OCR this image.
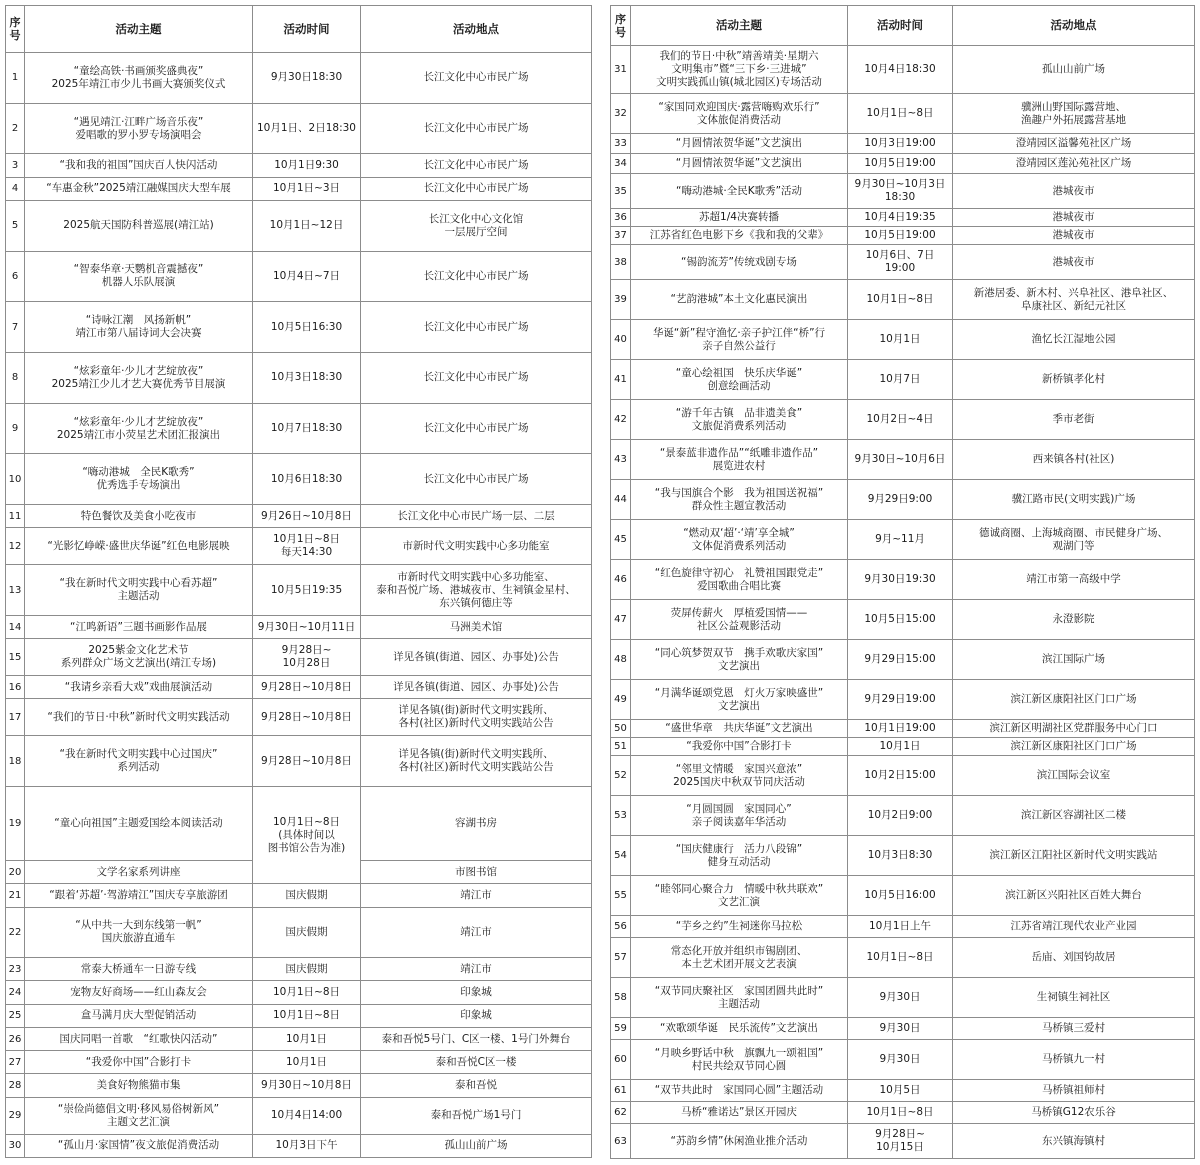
序
号	活动主题	活动时间	活动地点
1	“童绘高铁·书画颁奖盛典夜”
2025年靖江市少儿书画大赛颁奖仪式	9月30日18:30	长江文化中心市民广场
2	“遇见靖江·江畔广场音乐夜”
爱唱歌的罗小罗专场演唱会	10月1日、2日18:30	长江文化中心市民广场
3	“我和我的祖国”国庆百人快闪活动	10月1日9:30	长江文化中心市民广场
4	“车惠金秋”2025靖江融媒国庆大型车展	10月1日~3日	长江文化中心市民广场
5	2025航天国防科普巡展(靖江站)	10月1日~12日	长江文化中心文化馆
一层展厅空间
6	“智泰华章·天鹦机音震撼夜”
机器人乐队展演	10月4日~7日	长江文化中心市民广场
7	“诗咏江潮　风扬新帆”
靖江市第八届诗词大会决赛	10月5日16:30	长江文化中心市民广场
8	“炫彩童年·少儿才艺绽放夜”
2025靖江少儿才艺大赛优秀节目展演	10月3日18:30	长江文化中心市民广场
9	“炫彩童年·少儿才艺绽放夜”
2025靖江市小荧星艺术团汇报演出	10月7日18:30	长江文化中心市民广场
10	“嗨动港城　全民K歌秀”
优秀选手专场演出	10月6日18:30	长江文化中心市民广场
11	特色餐饮及美食小吃夜市	9月26日~10月8日	长江文化中心市民广场一层、二层
12	“光影忆峥嵘·盛世庆华诞”红色电影展映	10月1日~8日
每天14:30	市新时代文明实践中心多功能室
13	“我在新时代文明实践中心看苏超”
主题活动	10月5日19:35	市新时代文明实践中心多功能室、
泰和吾悦广场、港城夜市、生祠镇金星村、
东兴镇何德庄等
14	“江鸣新语”三题书画影作品展	9月30日~10月11日	马洲美术馆
15	2025紫金文化艺术节
系列群众广场文艺演出(靖江专场)	9月28日~
10月28日	详见各镇(街道、园区、办事处)公告
16	“我请乡亲看大戏”戏曲展演活动	9月28日~10月8日	详见各镇(街道、园区、办事处)公告
17	“我们的节日·中秋”新时代文明实践活动	9月28日~10月8日	详见各镇(街)新时代文明实践所、
各村(社区)新时代文明实践站公告
18	“我在新时代文明实践中心过国庆”
系列活动	9月28日~10月8日	详见各镇(街)新时代文明实践所、
各村(社区)新时代文明实践站公告
19	“童心向祖国”主题爱国绘本阅读活动	10月1日~8日
(具体时间以
图书馆公告为准)	容湖书房
20	文学名家系列讲座		市图书馆
21	“跟着‘苏超’·驾游靖江”国庆专享旅游团	国庆假期	靖江市
22	“从中共一大到东线第一帆”
国庆旅游直通车	国庆假期	靖江市
23	常泰大桥通车一日游专线	国庆假期	靖江市
24	宠物友好商场——红山森友会	10月1日~8日	印象城
25	盒马满月庆大型促销活动	10月1日~8日	印象城
26	国庆同唱一首歌　“红歌快闪活动”	10月1日	泰和吾悦5号门、C区一楼、1号门外舞台
27	“我爱你中国”合影打卡	10月1日	泰和吾悦C区一楼
28	美食好物熊猫市集	9月30日~10月8日	泰和吾悦
29	“崇俭尚德倡文明·移风易俗树新风”
主题文艺汇演	10月4日14:00	泰和吾悦广场1号门
30	“孤山月·家国情”夜文旅促消费活动	10月3日下午	孤山山前广场
序
号	活动主题	活动时间	活动地点
31	我们的节日·中秋”靖善靖美·星期六
文明集市”暨“三下乡·三进城”
文明实践孤山镇(城北园区)专场活动	10月4日18:30	孤山山前广场
32	“家国同欢迎国庆·露营嗨购欢乐行”
文体旅促消费活动	10月1日~8日	骥洲山野国际露营地、
渔趣户外拓展露营基地
33	“月圆情浓贺华诞”文艺演出	10月3日19:00	澄靖园区溢馨苑社区广场
34	“月圆情浓贺华诞”文艺演出	10月5日19:00	澄靖园区莲沁苑社区广场
35	“嗨动港城·全民K歌秀”活动	9月30日~10月3日
18:30	港城夜市
36	苏超1/4决赛转播	10月4日19:35	港城夜市
37	江苏省红色电影下乡《我和我的父辈》	10月5日19:00	港城夜市
38	“锡韵流芳”传统戏剧专场	10月6日、7日
19:00	港城夜市
39	“艺韵港城”本土文化惠民演出	10月1日~8日	新港居委、新木村、兴阜社区、港阜社区、
阜康社区、新纪元社区
40	华诞“新”程守渔忆·亲子护江伴“桥”行
亲子自然公益行	10月1日	渔忆长江湿地公园
41	“童心绘祖国　快乐庆华诞”
创意绘画活动	10月7日	新桥镇孝化村
42	“游千年古镇　品非遗美食”
文旅促消费系列活动	10月2日~4日	季市老街
43	“景泰蓝非遗作品”“纸雕非遗作品”
展览进农村	9月30日~10月6日	西来镇各村(社区)
44	“我与国旗合个影　我为祖国送祝福”
群众性主题宣教活动	9月29日9:00	骥江路市民(文明实践)广场
45	“燃动双‘超’·‘靖’享全城”
文体促消费系列活动	9月~11月	德诚商圈、上海城商圈、市民健身广场、
观湖门等
46	“红色旋律守初心　礼赞祖国跟党走”
爱国歌曲合唱比赛	9月30日19:30	靖江市第一高级中学
47	荧屏传薪火　厚植爱国情——
社区公益观影活动	10月5日15:00	永澄影院
48	“同心筑梦贺双节　携手欢歌庆家国”
文艺演出	9月29日15:00	滨江国际广场
49	“月满华诞颂党恩　灯火万家映盛世”
文艺演出	9月29日19:00	滨江新区康阳社区门口广场
50	“盛世华章　共庆华诞”文艺演出	10月1日19:00	滨江新区明湖社区党群服务中心门口
51	“我爱你中国”合影打卡	10月1日	滨江新区康阳社区门口广场
52	“邻里文情暖　家国兴意浓”
2025国庆中秋双节同庆活动	10月2日15:00	滨江国际会议室
53	“月圆国圆　家国同心”
亲子阅读嘉年华活动	10月2日9:00	滨江新区容湖社区二楼
54	“国庆健康行　活力八段锦”
健身互动活动	10月3日8:30	滨江新区江阳社区新时代文明实践站
55	“睦邻同心聚合力　情暖中秋共联欢”
文艺汇演	10月5日16:00	滨江新区兴阳社区百姓大舞台
56	“芋乡之约”生祠迷你马拉松	10月1日上午	江苏省靖江现代农业产业园
57	常态化开放并组织市锡剧团、
本土艺术团开展文艺表演	10月1日~8日	岳庙、刘国钧故居
58	“双节同庆聚社区　家国团圆共此时”
主题活动	9月30日	生祠镇生祠社区
59	“欢歌颂华诞　民乐流传”文艺演出	9月30日	马桥镇三爱村
60	“月映乡野话中秋　旗飘九一颂祖国”
村民共绘双节同心圆	9月30日	马桥镇九一村
61	“双节共此时　家国同心圆”主题活动	10月5日	马桥镇祖师村
62	马桥“雅诺达”景区开园庆	10月1日~8日	马桥镇G12农乐谷
63	“苏韵乡情”休闲渔业推介活动	9月28日~
10月15日	东兴镇海镇村
